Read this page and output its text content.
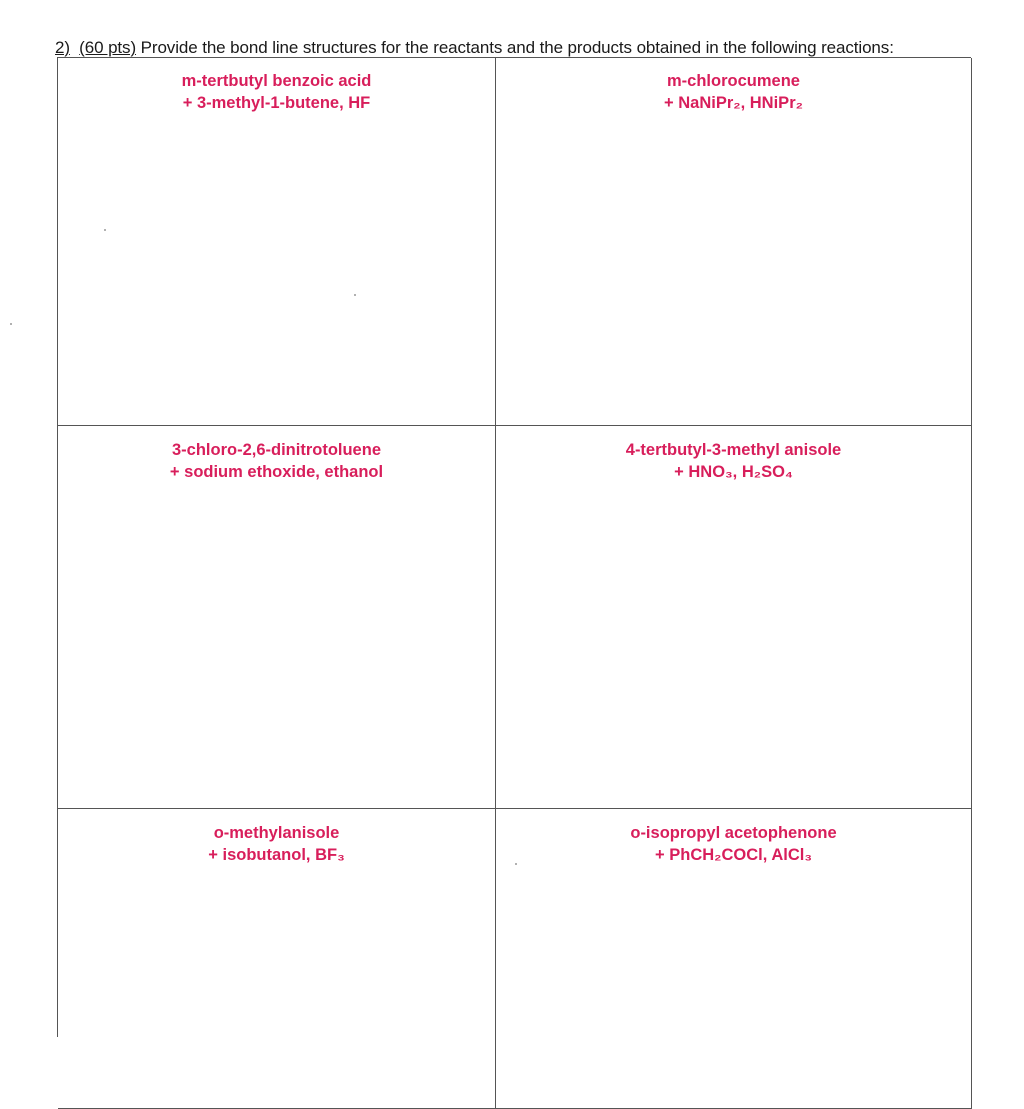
2) (60 pts) Provide the bond line structures for the reactants and the products obtained in the following reactions:
m-tertbutyl benzoic acid
+ 3-methyl-1-butene, HF
m-chlorocumene
+ NaNiPr₂, HNiPr₂
3-chloro-2,6-dinitrotoluene
+ sodium ethoxide, ethanol
4-tertbutyl-3-methyl anisole
+ HNO₃, H₂SO₄
o-methylanisole
+ isobutanol, BF₃
o-isopropyl acetophenone
+ PhCH₂COCl, AlCl₃
